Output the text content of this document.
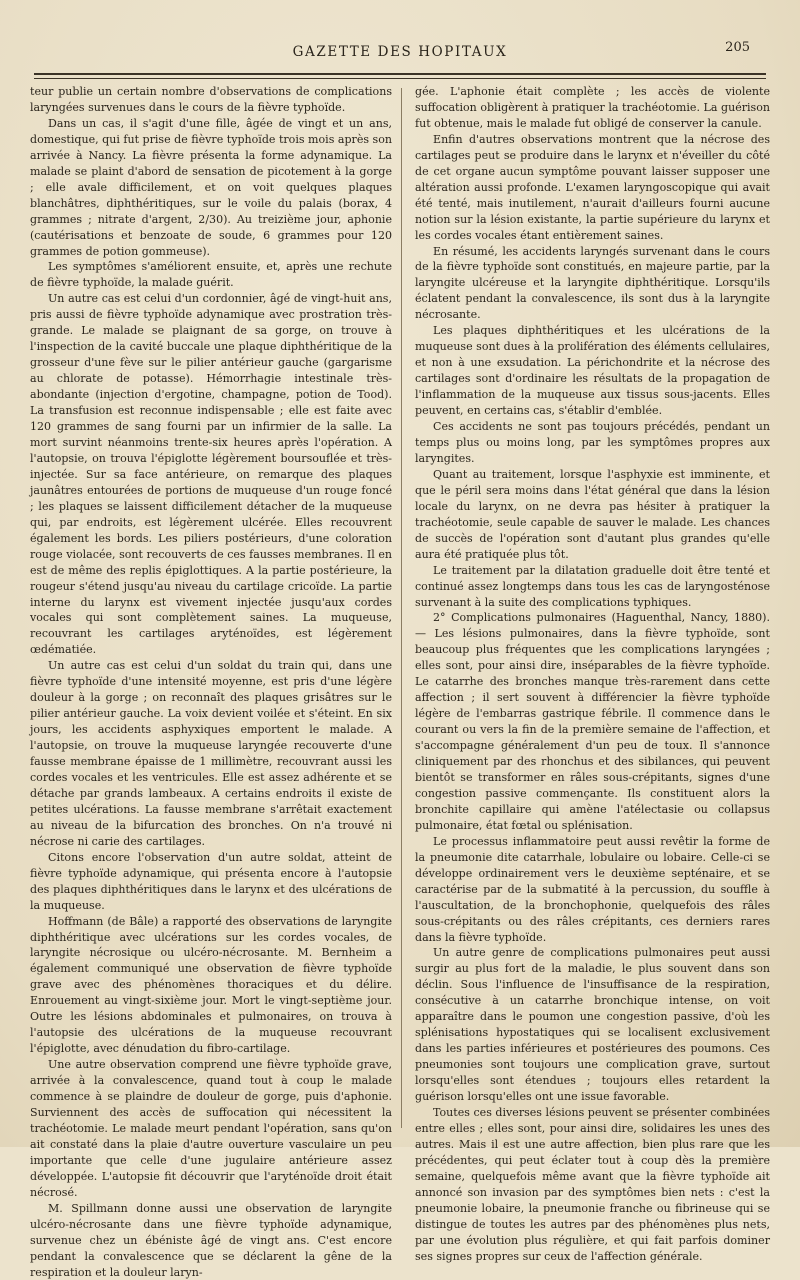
GAZETTE DES HOPITAUX	205

teur publie un certain nombre d'observations de complications laryngées survenues dans le cours de la fièvre typhoïde.

Dans un cas, il s'agit d'une fille, âgée de vingt et un ans, domestique, qui fut prise de fièvre typhoïde trois mois après son arrivée à Nancy. La fièvre présenta la forme adynamique. La malade se plaint d'abord de sensation de picotement à la gorge ; elle avale difficilement, et on voit quelques plaques blanchâtres, diphthéritiques, sur le voile du palais (borax, 4 grammes ; nitrate d'argent, 2/30). Au treizième jour, aphonie (cautérisations et benzoate de soude, 6 grammes pour 120 grammes de potion gommeuse).

Les symptômes s'améliorent ensuite, et, après une rechute de fièvre typhoïde, la malade guérit.

Un autre cas est celui d'un cordonnier, âgé de vingt-huit ans, pris aussi de fièvre typhoïde adynamique avec prostration très-grande. Le malade se plaignant de sa gorge, on trouve à l'inspection de la cavité buccale une plaque diphthéritique de la grosseur d'une fève sur le pilier antérieur gauche (gargarisme au chlorate de potasse). Hémorrhagie intestinale très-abondante (injection d'ergotine, champagne, potion de Tood). La transfusion est reconnue indispensable ; elle est faite avec 120 grammes de sang fourni par un infirmier de la salle. La mort survint néanmoins trente-six heures après l'opération. A l'autopsie, on trouva l'épiglotte légèrement boursouflée et très-injectée. Sur sa face antérieure, on remarque des plaques jaunâtres entourées de portions de muqueuse d'un rouge foncé ; les plaques se laissent difficilement détacher de la muqueuse qui, par endroits, est légèrement ulcérée. Elles recouvrent également les bords. Les piliers postérieurs, d'une coloration rouge violacée, sont recouverts de ces fausses membranes. Il en est de même des replis épiglottiques. A la partie postérieure, la rougeur s'étend jusqu'au niveau du cartilage cricoïde. La partie interne du larynx est vivement injectée jusqu'aux cordes vocales qui sont complètement saines. La muqueuse, recouvrant les cartilages aryténoïdes, est légèrement œdématiée.

Un autre cas est celui d'un soldat du train qui, dans une fièvre typhoïde d'une intensité moyenne, est pris d'une légère douleur à la gorge ; on reconnaît des plaques grisâtres sur le pilier antérieur gauche. La voix devient voilée et s'éteint. En six jours, les accidents asphyxiques emportent le malade. A l'autopsie, on trouve la muqueuse laryngée recouverte d'une fausse membrane épaisse de 1 millimètre, recouvrant aussi les cordes vocales et les ventricules. Elle est assez adhérente et se détache par grands lambeaux. A certains endroits il existe de petites ulcérations. La fausse membrane s'arrêtait exactement au niveau de la bifurcation des bronches. On n'a trouvé ni nécrose ni carie des cartilages.

Citons encore l'observation d'un autre soldat, atteint de fièvre typhoïde adynamique, qui présenta encore à l'autopsie des plaques diphthéritiques dans le larynx et des ulcérations de la muqueuse.

Hoffmann (de Bâle) a rapporté des observations de laryngite diphthéritique avec ulcérations sur les cordes vocales, de laryngite nécrosique ou ulcéro-nécrosante. M. Bernheim a également communiqué une observation de fièvre typhoïde grave avec des phénomènes thoraciques et du délire. Enrouement au vingt-sixième jour. Mort le vingt-septième jour. Outre les lésions abdominales et pulmonaires, on trouva à l'autopsie des ulcérations de la muqueuse recouvrant l'épiglotte, avec dénudation du fibro-cartilage.

Une autre observation comprend une fièvre typhoïde grave, arrivée à la convalescence, quand tout à coup le malade commence à se plaindre de douleur de gorge, puis d'aphonie. Surviennent des accès de suffocation qui nécessitent la trachéotomie. Le malade meurt pendant l'opération, sans qu'on ait constaté dans la plaie d'autre ouverture vasculaire un peu importante que celle d'une jugulaire antérieure assez développée. L'autopsie fit découvrir que l'aryténoïde droit était nécrosé.

M. Spillmann donne aussi une observation de laryngite ulcéro-nécrosante dans une fièvre typhoïde adynamique, survenue chez un ébéniste âgé de vingt ans. C'est encore pendant la convalescence que se déclarent la gêne de la respiration et la douleur laryn-

gée. L'aphonie était complète ; les accès de violente suffocation obligèrent à pratiquer la trachéotomie. La guérison fut obtenue, mais le malade fut obligé de conserver la canule.

Enfin d'autres observations montrent que la nécrose des cartilages peut se produire dans le larynx et n'éveiller du côté de cet organe aucun symptôme pouvant laisser supposer une altération aussi profonde. L'examen laryngoscopique qui avait été tenté, mais inutilement, n'aurait d'ailleurs fourni aucune notion sur la lésion existante, la partie supérieure du larynx et les cordes vocales étant entièrement saines.

En résumé, les accidents laryngés survenant dans le cours de la fièvre typhoïde sont constitués, en majeure partie, par la laryngite ulcéreuse et la laryngite diphthéritique. Lorsqu'ils éclatent pendant la convalescence, ils sont dus à la laryngite nécrosante.

Les plaques diphthéritiques et les ulcérations de la muqueuse sont dues à la prolifération des éléments cellulaires, et non à une exsudation. La périchondrite et la nécrose des cartilages sont d'ordinaire les résultats de la propagation de l'inflammation de la muqueuse aux tissus sous-jacents. Elles peuvent, en certains cas, s'établir d'emblée.

Ces accidents ne sont pas toujours précédés, pendant un temps plus ou moins long, par les symptômes propres aux laryngites.

Quant au traitement, lorsque l'asphyxie est imminente, et que le péril sera moins dans l'état général que dans la lésion locale du larynx, on ne devra pas hésiter à pratiquer la trachéotomie, seule capable de sauver le malade. Les chances de succès de l'opération sont d'autant plus grandes qu'elle aura été pratiquée plus tôt.

Le traitement par la dilatation graduelle doit être tenté et continué assez longtemps dans tous les cas de laryngosténose survenant à la suite des complications typhiques.

2° Complications pulmonaires (Haguenthal, Nancy, 1880). — Les lésions pulmonaires, dans la fièvre typhoïde, sont beaucoup plus fréquentes que les complications laryngées ; elles sont, pour ainsi dire, inséparables de la fièvre typhoïde. Le catarrhe des bronches manque très-rarement dans cette affection ; il sert souvent à différencier la fièvre typhoïde légère de l'embarras gastrique fébrile. Il commence dans le courant ou vers la fin de la première semaine de l'affection, et s'accompagne généralement d'un peu de toux. Il s'annonce cliniquement par des rhonchus et des sibilances, qui peuvent bientôt se transformer en râles sous-crépitants, signes d'une congestion passive commençante. Ils constituent alors la bronchite capillaire qui amène l'atélectasie ou collapsus pulmonaire, état fœtal ou splénisation.

Le processus inflammatoire peut aussi revêtir la forme de la pneumonie dite catarrhale, lobulaire ou lobaire. Celle-ci se développe ordinairement vers le deuxième septénaire, et se caractérise par de la submatité à la percussion, du souffle à l'auscultation, de la bronchophonie, quelquefois des râles sous-crépitants ou des râles crépitants, ces derniers rares dans la fièvre typhoïde.

Un autre genre de complications pulmonaires peut aussi surgir au plus fort de la maladie, le plus souvent dans son déclin. Sous l'influence de l'insuffisance de la respiration, consécutive à un catarrhe bronchique intense, on voit apparaître dans le poumon une congestion passive, d'où les splénisations hypostatiques qui se localisent exclusivement dans les parties inférieures et postérieures des poumons. Ces pneumonies sont toujours une complication grave, surtout lorsqu'elles sont étendues ; toujours elles retardent la guérison lorsqu'elles ont une issue favorable.

Toutes ces diverses lésions peuvent se présenter combinées entre elles ; elles sont, pour ainsi dire, solidaires les unes des autres. Mais il est une autre affection, bien plus rare que les précédentes, qui peut éclater tout à coup dès la première semaine, quelquefois même avant que la fièvre typhoïde ait annoncé son invasion par des symptômes bien nets : c'est la pneumonie lobaire, la pneumonie franche ou fibrineuse qui se distingue de toutes les autres par des phénomènes plus nets, par une évolution plus régulière, et qui fait parfois dominer ses signes propres sur ceux de l'affection générale.
